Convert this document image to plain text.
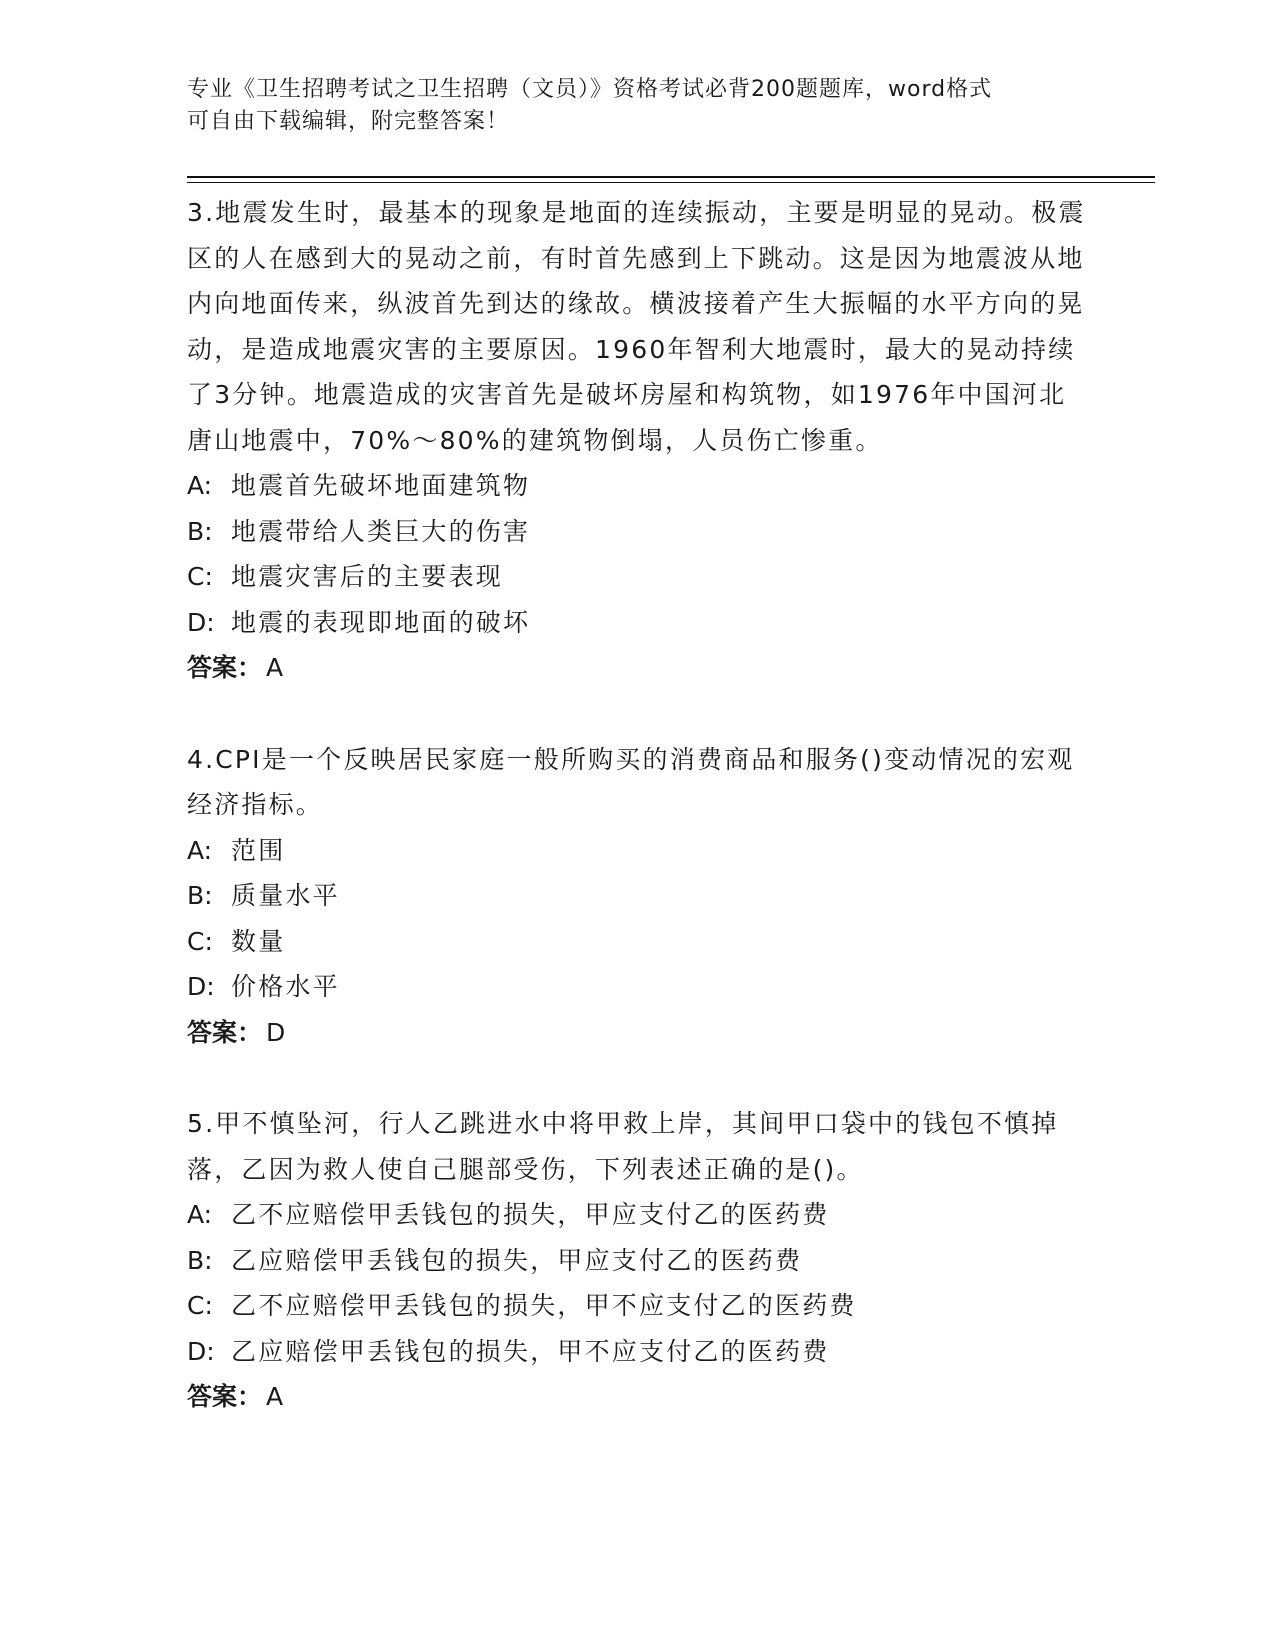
专业《卫生招聘考试之卫生招聘（文员）》资格考试必背200题题库，word格式
可自由下载编辑，附完整答案！
3.地震发生时，最基本的现象是地面的连续振动，主要是明显的晃动。极震区的人在感到大的晃动之前，有时首先感到上下跳动。这是因为地震波从地内向地面传来，纵波首先到达的缘故。横波接着产生大振幅的水平方向的晃动，是造成地震灾害的主要原因。1960年智利大地震时，最大的晃动持续了3分钟。地震造成的灾害首先是破坏房屋和构筑物，如1976年中国河北唐山地震中，70%～80%的建筑物倒塌，人员伤亡惨重。
A: 地震首先破坏地面建筑物
B: 地震带给人类巨大的伤害
C: 地震灾害后的主要表现
D: 地震的表现即地面的破坏
答案： A
4.CPI是一个反映居民家庭一般所购买的消费商品和服务()变动情况的宏观经济指标。
A: 范围
B: 质量水平
C: 数量
D: 价格水平
答案： D
5.甲不慎坠河，行人乙跳进水中将甲救上岸，其间甲口袋中的钱包不慎掉落，乙因为救人使自己腿部受伤，下列表述正确的是()。
A: 乙不应赔偿甲丢钱包的损失，甲应支付乙的医药费
B: 乙应赔偿甲丢钱包的损失，甲应支付乙的医药费
C: 乙不应赔偿甲丢钱包的损失，甲不应支付乙的医药费
D: 乙应赔偿甲丢钱包的损失，甲不应支付乙的医药费
答案： A
